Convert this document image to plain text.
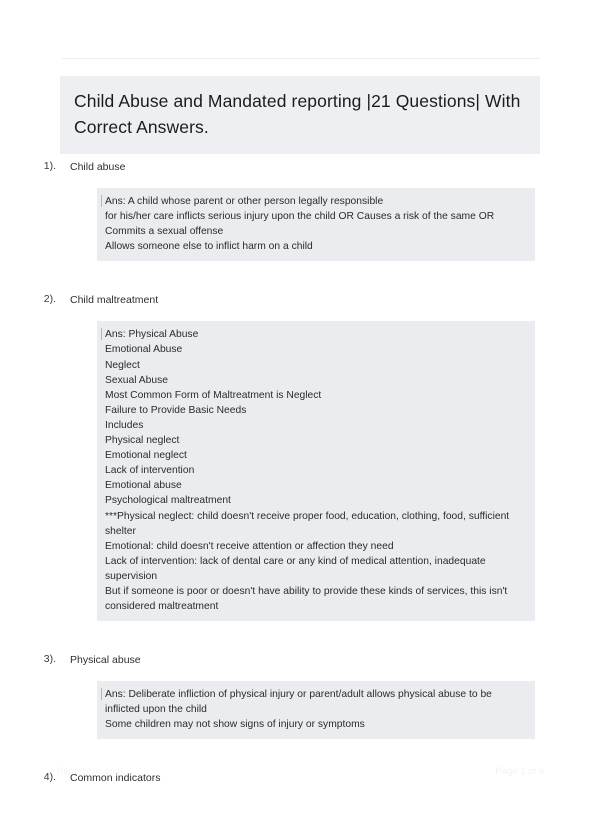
Child Abuse and Mandated reporting |21 Questions| With Correct Answers.
1). Child abuse
Ans: A child whose parent or other person legally responsible
for his/her care inflicts serious injury upon the child OR Causes a risk of the same OR
Commits a sexual offense
Allows someone else to inflict harm on a child
2). Child maltreatment
Ans: Physical Abuse
Emotional Abuse
Neglect
Sexual Abuse
Most Common Form of Maltreatment is Neglect
Failure to Provide Basic Needs
Includes
Physical neglect
Emotional neglect
Lack of intervention
Emotional abuse
Psychological maltreatment
***Physical neglect: child doesn't receive proper food, education, clothing, food, sufficient shelter
Emotional: child doesn't receive attention or affection they need
Lack of intervention: lack of dental care or any kind of medical attention, inadequate supervision
But if someone is poor or doesn't have ability to provide these kinds of services, this isn't considered maltreatment
3). Physical abuse
Ans: Deliberate infliction of physical injury or parent/adult allows physical abuse to be inflicted upon the child
Some children may not show signs of injury or symptoms
4). Common indicators
PaperStilic.com	Page 1 of 6
